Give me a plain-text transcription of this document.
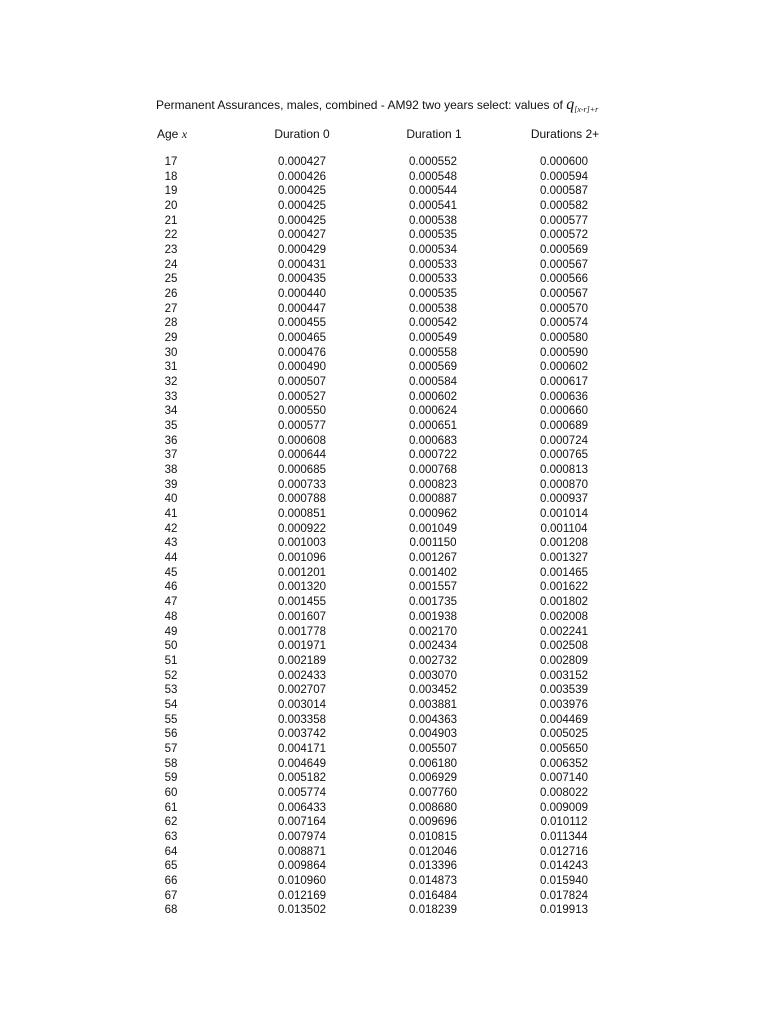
Permanent Assurances, males, combined - AM92 two years select: values of $q_{[x-r]+r}$
Age x	Duration 0	Duration 1	Durations 2+
17	0.000427	0.000552	0.000600
18	0.000426	0.000548	0.000594
19	0.000425	0.000544	0.000587
20	0.000425	0.000541	0.000582
21	0.000425	0.000538	0.000577
22	0.000427	0.000535	0.000572
23	0.000429	0.000534	0.000569
24	0.000431	0.000533	0.000567
25	0.000435	0.000533	0.000566
26	0.000440	0.000535	0.000567
27	0.000447	0.000538	0.000570
28	0.000455	0.000542	0.000574
29	0.000465	0.000549	0.000580
30	0.000476	0.000558	0.000590
31	0.000490	0.000569	0.000602
32	0.000507	0.000584	0.000617
33	0.000527	0.000602	0.000636
34	0.000550	0.000624	0.000660
35	0.000577	0.000651	0.000689
36	0.000608	0.000683	0.000724
37	0.000644	0.000722	0.000765
38	0.000685	0.000768	0.000813
39	0.000733	0.000823	0.000870
40	0.000788	0.000887	0.000937
41	0.000851	0.000962	0.001014
42	0.000922	0.001049	0.001104
43	0.001003	0.001150	0.001208
44	0.001096	0.001267	0.001327
45	0.001201	0.001402	0.001465
46	0.001320	0.001557	0.001622
47	0.001455	0.001735	0.001802
48	0.001607	0.001938	0.002008
49	0.001778	0.002170	0.002241
50	0.001971	0.002434	0.002508
51	0.002189	0.002732	0.002809
52	0.002433	0.003070	0.003152
53	0.002707	0.003452	0.003539
54	0.003014	0.003881	0.003976
55	0.003358	0.004363	0.004469
56	0.003742	0.004903	0.005025
57	0.004171	0.005507	0.005650
58	0.004649	0.006180	0.006352
59	0.005182	0.006929	0.007140
60	0.005774	0.007760	0.008022
61	0.006433	0.008680	0.009009
62	0.007164	0.009696	0.010112
63	0.007974	0.010815	0.011344
64	0.008871	0.012046	0.012716
65	0.009864	0.013396	0.014243
66	0.010960	0.014873	0.015940
67	0.012169	0.016484	0.017824
68	0.013502	0.018239	0.019913
